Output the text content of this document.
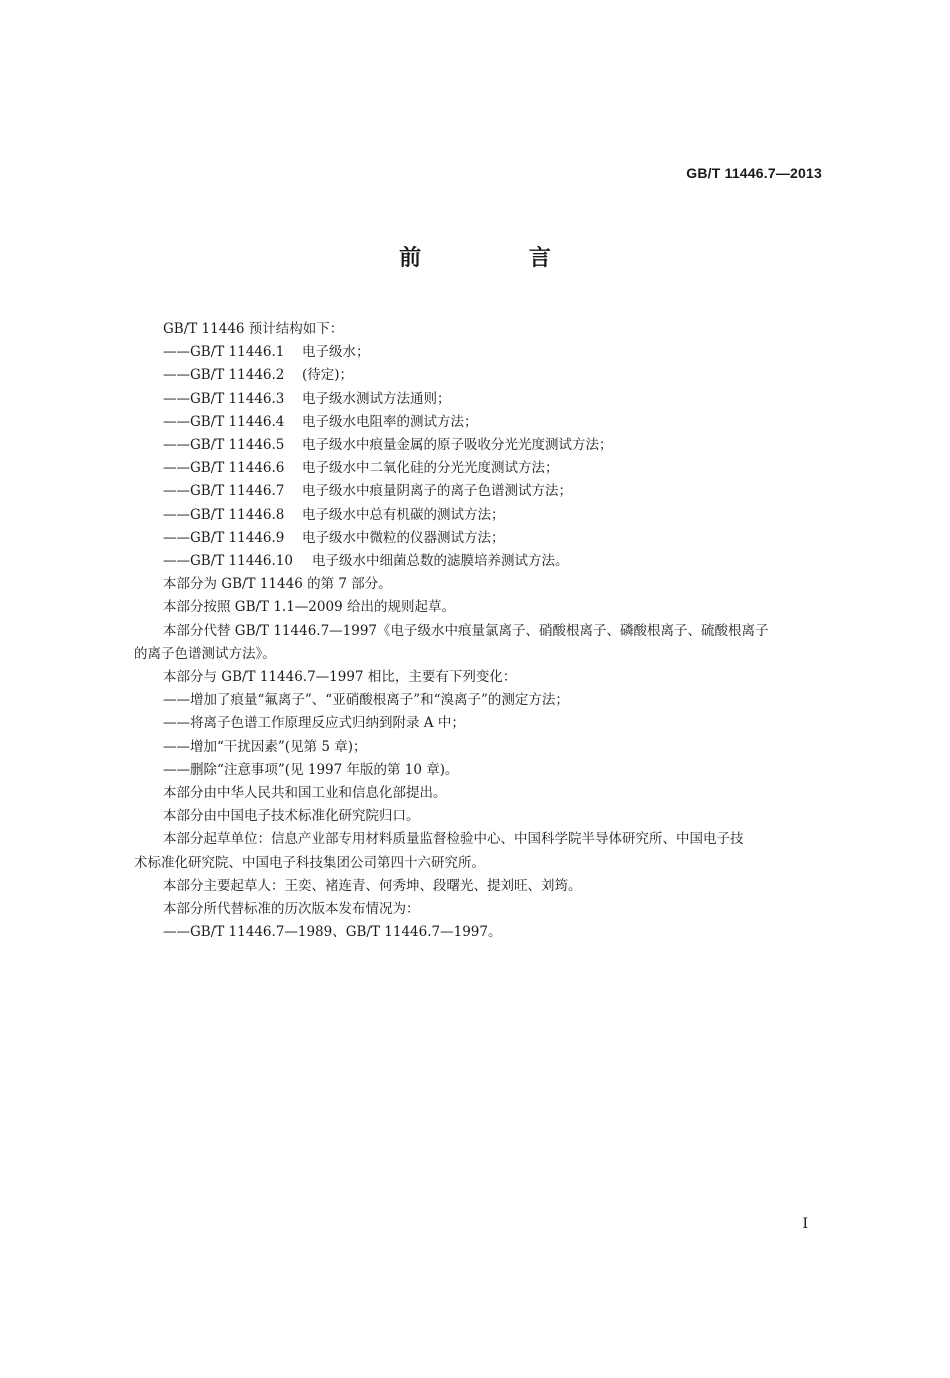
GB/T 11446.7—2013
前 言

GB/T 11446 预计结构如下：

——GB/T 11446.1 电子级水；

——GB/T 11446.2 (待定)；

——GB/T 11446.3 电子级水测试方法通则；

——GB/T 11446.4 电子级水电阻率的测试方法；

——GB/T 11446.5 电子级水中痕量金属的原子吸收分光光度测试方法；

——GB/T 11446.6 电子级水中二氧化硅的分光光度测试方法；

——GB/T 11446.7 电子级水中痕量阴离子的离子色谱测试方法；

——GB/T 11446.8 电子级水中总有机碳的测试方法；

——GB/T 11446.9 电子级水中微粒的仪器测试方法；

——GB/T 11446.10 电子级水中细菌总数的滤膜培养测试方法。

本部分为 GB/T 11446 的第 7 部分。

本部分按照 GB/T 1.1—2009 给出的规则起草。

本部分代替 GB/T 11446.7—1997《电子级水中痕量氯离子、硝酸根离子、磷酸根离子、硫酸根离子

的离子色谱测试方法》。

本部分与 GB/T 11446.7—1997 相比，主要有下列变化：

——增加了痕量“氟离子”、“亚硝酸根离子”和“溴离子”的测定方法；

——将离子色谱工作原理反应式归纳到附录 A 中；

——增加“干扰因素”(见第 5 章)；

——删除“注意事项”(见 1997 年版的第 10 章)。

本部分由中华人民共和国工业和信息化部提出。

本部分由中国电子技术标准化研究院归口。

本部分起草单位：信息产业部专用材料质量监督检验中心、中国科学院半导体研究所、中国电子技

术标准化研究院、中国电子科技集团公司第四十六研究所。

本部分主要起草人：王奕、褚连青、何秀坤、段曙光、提刘旺、刘筠。

本部分所代替标准的历次版本发布情况为：

——GB/T 11446.7—1989、GB/T 11446.7—1997。

I
